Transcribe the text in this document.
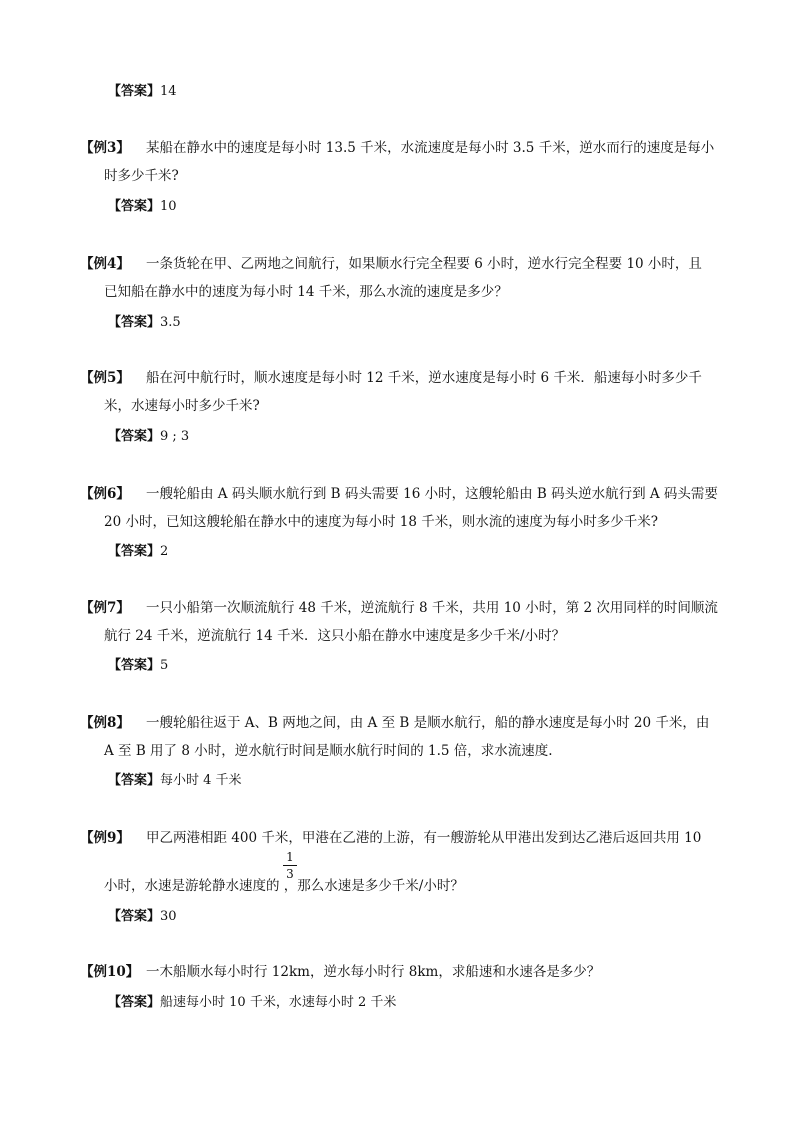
【答案】14
【例3】 某船在静水中的速度是每小时 13.5 千米，水流速度是每小时 3.5 千米，逆水而行的速度是每小
时多少千米?
【答案】10
【例4】 一条货轮在甲、乙两地之间航行，如果顺水行完全程要 6 小时，逆水行完全程要 10 小时，且
已知船在静水中的速度为每小时 14 千米，那么水流的速度是多少？
【答案】3.5
【例5】 船在河中航行时，顺水速度是每小时 12 千米，逆水速度是每小时 6 千米．船速每小时多少千
米，水速每小时多少千米?
【答案】9 ; 3
【例6】 一艘轮船由 A 码头顺水航行到 B 码头需要 16 小时，这艘轮船由 B 码头逆水航行到 A 码头需要
20 小时，已知这艘轮船在静水中的速度为每小时 18 千米，则水流的速度为每小时多少千米?
【答案】2
【例7】 一只小船第一次顺流航行 48 千米，逆流航行 8 千米，共用 10 小时，第 2 次用同样的时间顺流
航行 24 千米，逆流航行 14 千米．这只小船在静水中速度是多少千米/小时？
【答案】5
【例8】 一艘轮船往返于 A、B 两地之间，由 A 至 B 是顺水航行，船的静水速度是每小时 20 千米，由
A 至 B 用了 8 小时，逆水航行时间是顺水航行时间的 1.5 倍，求水流速度.
【答案】每小时 4 千米
【例9】 甲乙两港相距 400 千米，甲港在乙港的上游，有一艘游轮从甲港出发到达乙港后返回共用 10
小时，水速是游轮静水速度的 ，那么水速是多少千米/小时？
1
3
【答案】30
【例10】 一木船顺水每小时行 12km，逆水每小时行 8km，求船速和水速各是多少？
【答案】船速每小时 10 千米，水速每小时 2 千米
